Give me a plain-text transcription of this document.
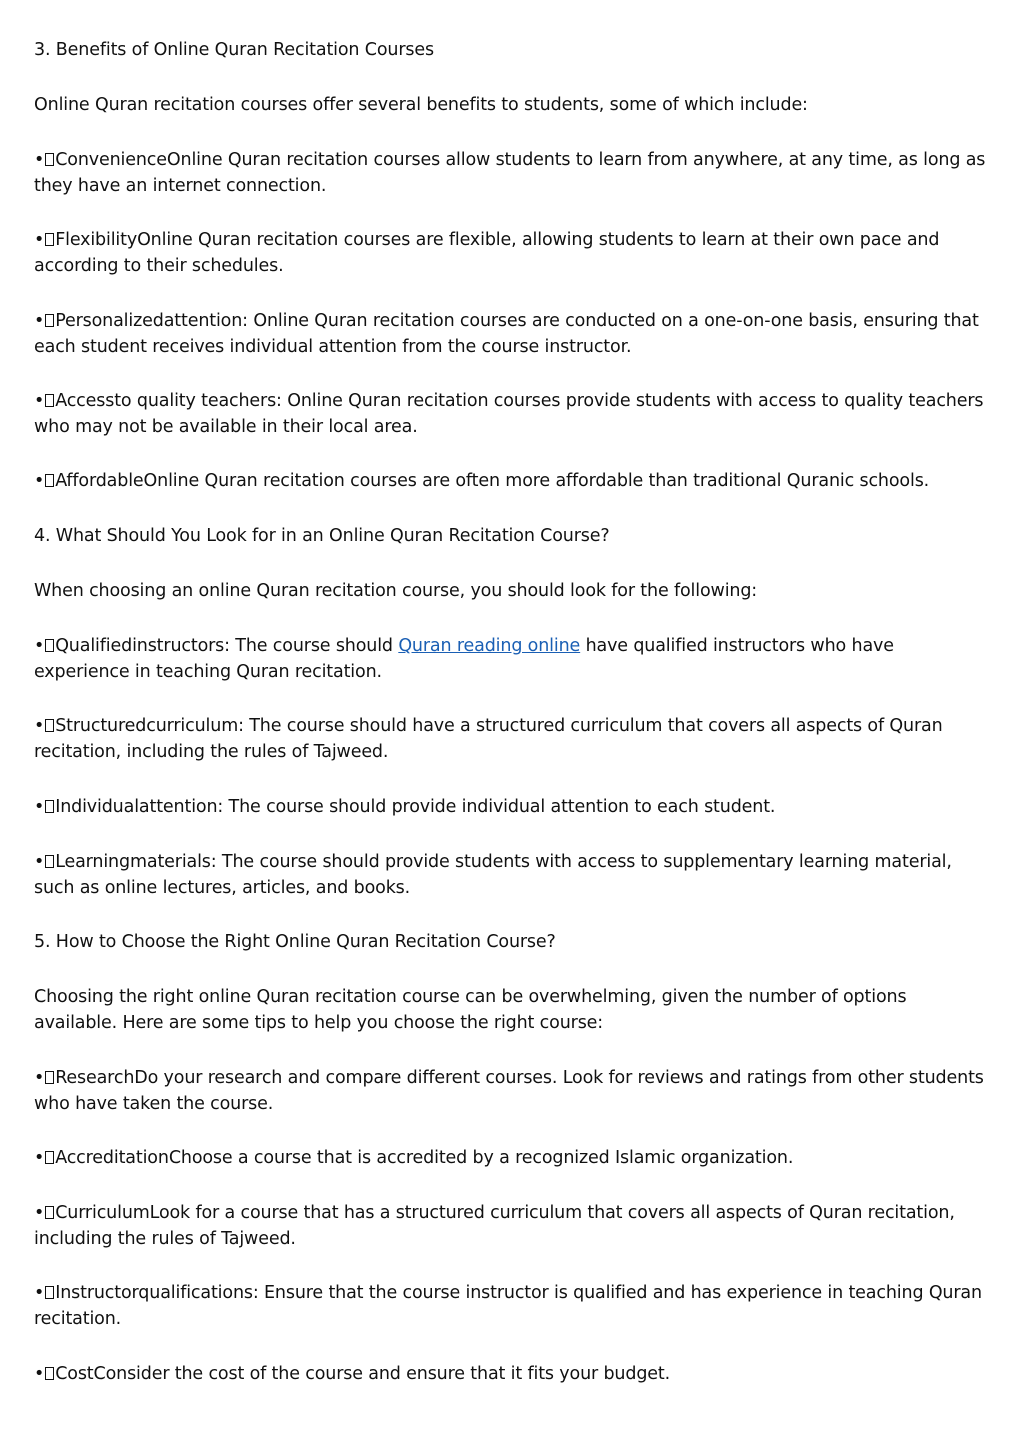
3. Benefits of Online Quran Recitation Courses

Online Quran recitation courses offer several benefits to students, some of which include:

• ConvenienceOnline Quran recitation courses allow students to learn from anywhere, at any time, as long as they have an internet connection.

• FlexibilityOnline Quran recitation courses are flexible, allowing students to learn at their own pace and according to their schedules.

• Personalizedattention: Online Quran recitation courses are conducted on a one-on-one basis, ensuring that each student receives individual attention from the course instructor.

• Accessto quality teachers: Online Quran recitation courses provide students with access to quality teachers who may not be available in their local area.

• AffordableOnline Quran recitation courses are often more affordable than traditional Quranic schools.

4. What Should You Look for in an Online Quran Recitation Course?

When choosing an online Quran recitation course, you should look for the following:

• Qualifiedinstructors: The course should Quran reading online have qualified instructors who have experience in teaching Quran recitation.

• Structuredcurriculum: The course should have a structured curriculum that covers all aspects of Quran recitation, including the rules of Tajweed.

• Individualattention: The course should provide individual attention to each student.

• Learningmaterials: The course should provide students with access to supplementary learning material, such as online lectures, articles, and books.

5. How to Choose the Right Online Quran Recitation Course?

Choosing the right online Quran recitation course can be overwhelming, given the number of options available. Here are some tips to help you choose the right course:

• ResearchDo your research and compare different courses. Look for reviews and ratings from other students who have taken the course.

• AccreditationChoose a course that is accredited by a recognized Islamic organization.

• CurriculumLook for a course that has a structured curriculum that covers all aspects of Quran recitation, including the rules of Tajweed.

• Instructorqualifications: Ensure that the course instructor is qualified and has experience in teaching Quran recitation.

• CostConsider the cost of the course and ensure that it fits your budget.
